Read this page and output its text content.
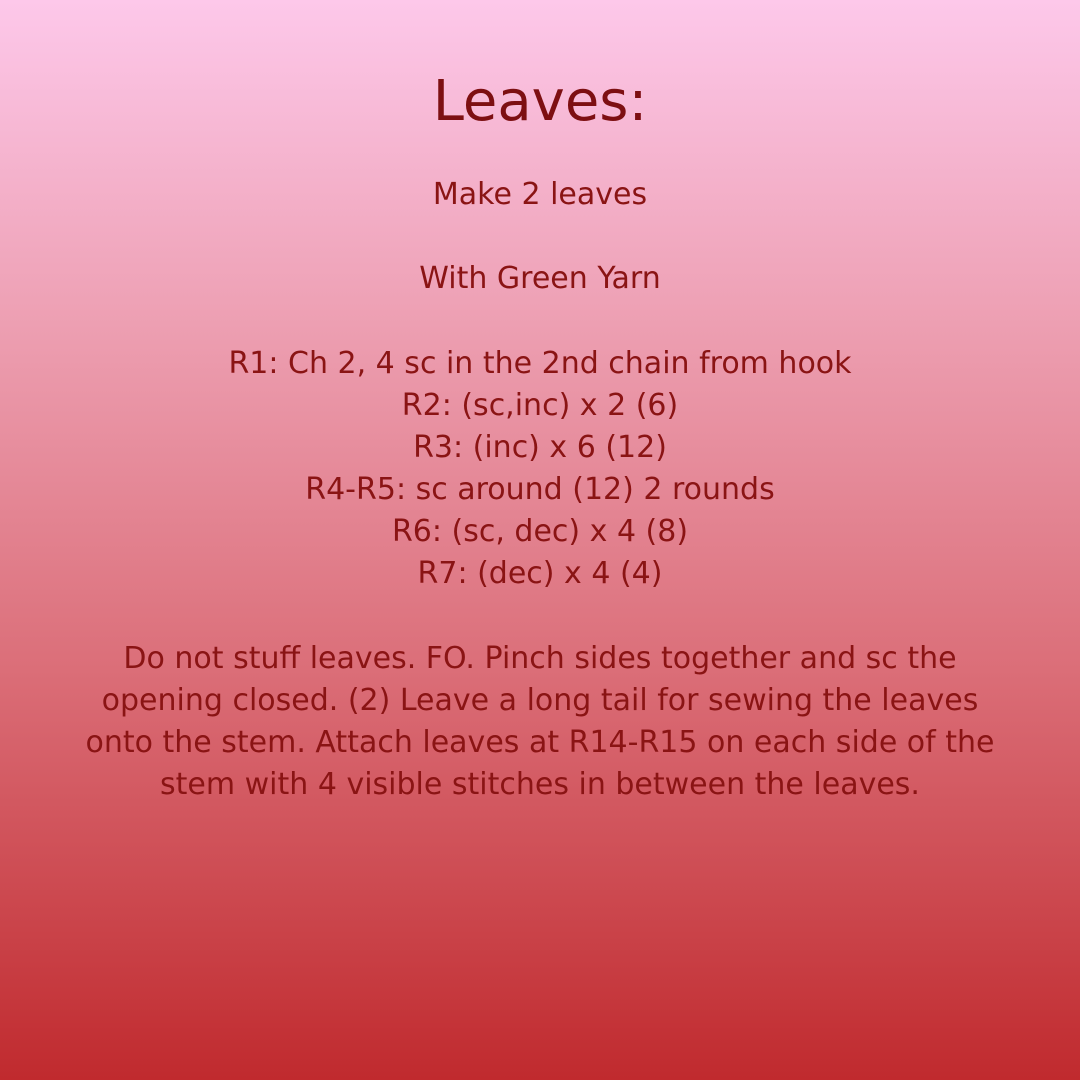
Leaves:

Make 2 leaves

With Green Yarn

R1: Ch 2, 4 sc in the 2nd chain from hook
R2: (sc,inc) x 2 (6)
R3: (inc) x 6 (12)
R4-R5: sc around (12) 2 rounds
R6: (sc, dec) x 4 (8)
R7: (dec) x 4 (4)

Do not stuff leaves. FO. Pinch sides together and sc the
opening closed. (2) Leave a long tail for sewing the leaves
onto the stem. Attach leaves at R14-R15 on each side of the
stem with 4 visible stitches in between the leaves.
